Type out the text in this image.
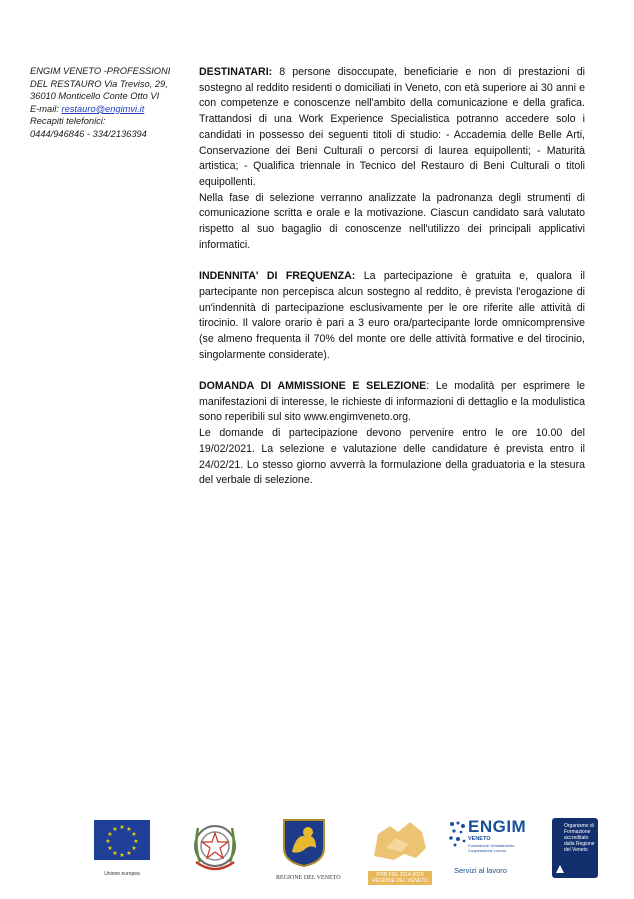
ENGIM VENETO -PROFESSIONI
DEL RESTAURO Via Treviso, 29,
36010 Monticello Conte Otto VI
E-mail: restauro@engimvi.it
Recapiti telefonici:
0444/946846 - 334/2136394

DESTINATARI: 8 persone disoccupate, beneficiarie e non di prestazioni di sostegno al reddito residenti o domiciliati in Veneto, con età superiore ai 30 anni e con competenze e conoscenze nell'ambito della comunicazione e della grafica. Trattandosi di una Work Experience Specialistica potranno accedere solo i candidati in possesso dei seguenti titoli di studio: - Accademia delle Belle Arti, Conservazione dei Beni Culturali o percorsi di laurea equipollenti; - Maturità artistica; - Qualifica triennale in Tecnico del Restauro di Beni Culturali o titoli equipollenti.

Nella fase di selezione verranno analizzate la padronanza degli strumenti di comunicazione scritta e orale e la motivazione. Ciascun candidato sarà valutato rispetto al suo bagaglio di conoscenze nell'utilizzo dei principali applicativi informatici.

INDENNITA' DI FREQUENZA: La partecipazione è gratuita e, qualora il partecipante non percepisca alcun sostegno al reddito, è prevista l'erogazione di un'indennità di partecipazione esclusivamente per le ore riferite alle attività di tirocinio. Il valore orario è pari a 3 euro ora/partecipante lorde omnicomprensive (se almeno frequenta il 70% del monte ore delle attività formative e del tirocinio, singolarmente considerate).

DOMANDA DI AMMISSIONE E SELEZIONE: Le modalità per esprimere le manifestazioni di interesse, le richieste di informazioni di dettaglio e la modulistica sono reperibili sul sito www.engimveneto.org.

Le domande di partecipazione devono pervenire entro le ore 10.00 del 19/02/2021. La selezione e valutazione delle candidature è prevista entro il 24/02/21. Lo stesso giorno avverrà la formulazione della graduatoria e la stesura del verbale di selezione.

★ ★
★
★
★
★
★
★
★
★
★
★
Unione europea
REGIONE DEL VENETO	POR FSE 2014-2020
REGIONE DEL VENETO
ENGIM
VENETO
Formazione Orientamento
Cooperazione Lavoro
Servizi al lavoro
Organismo di Formazione accreditato dalla Regione del Veneto
